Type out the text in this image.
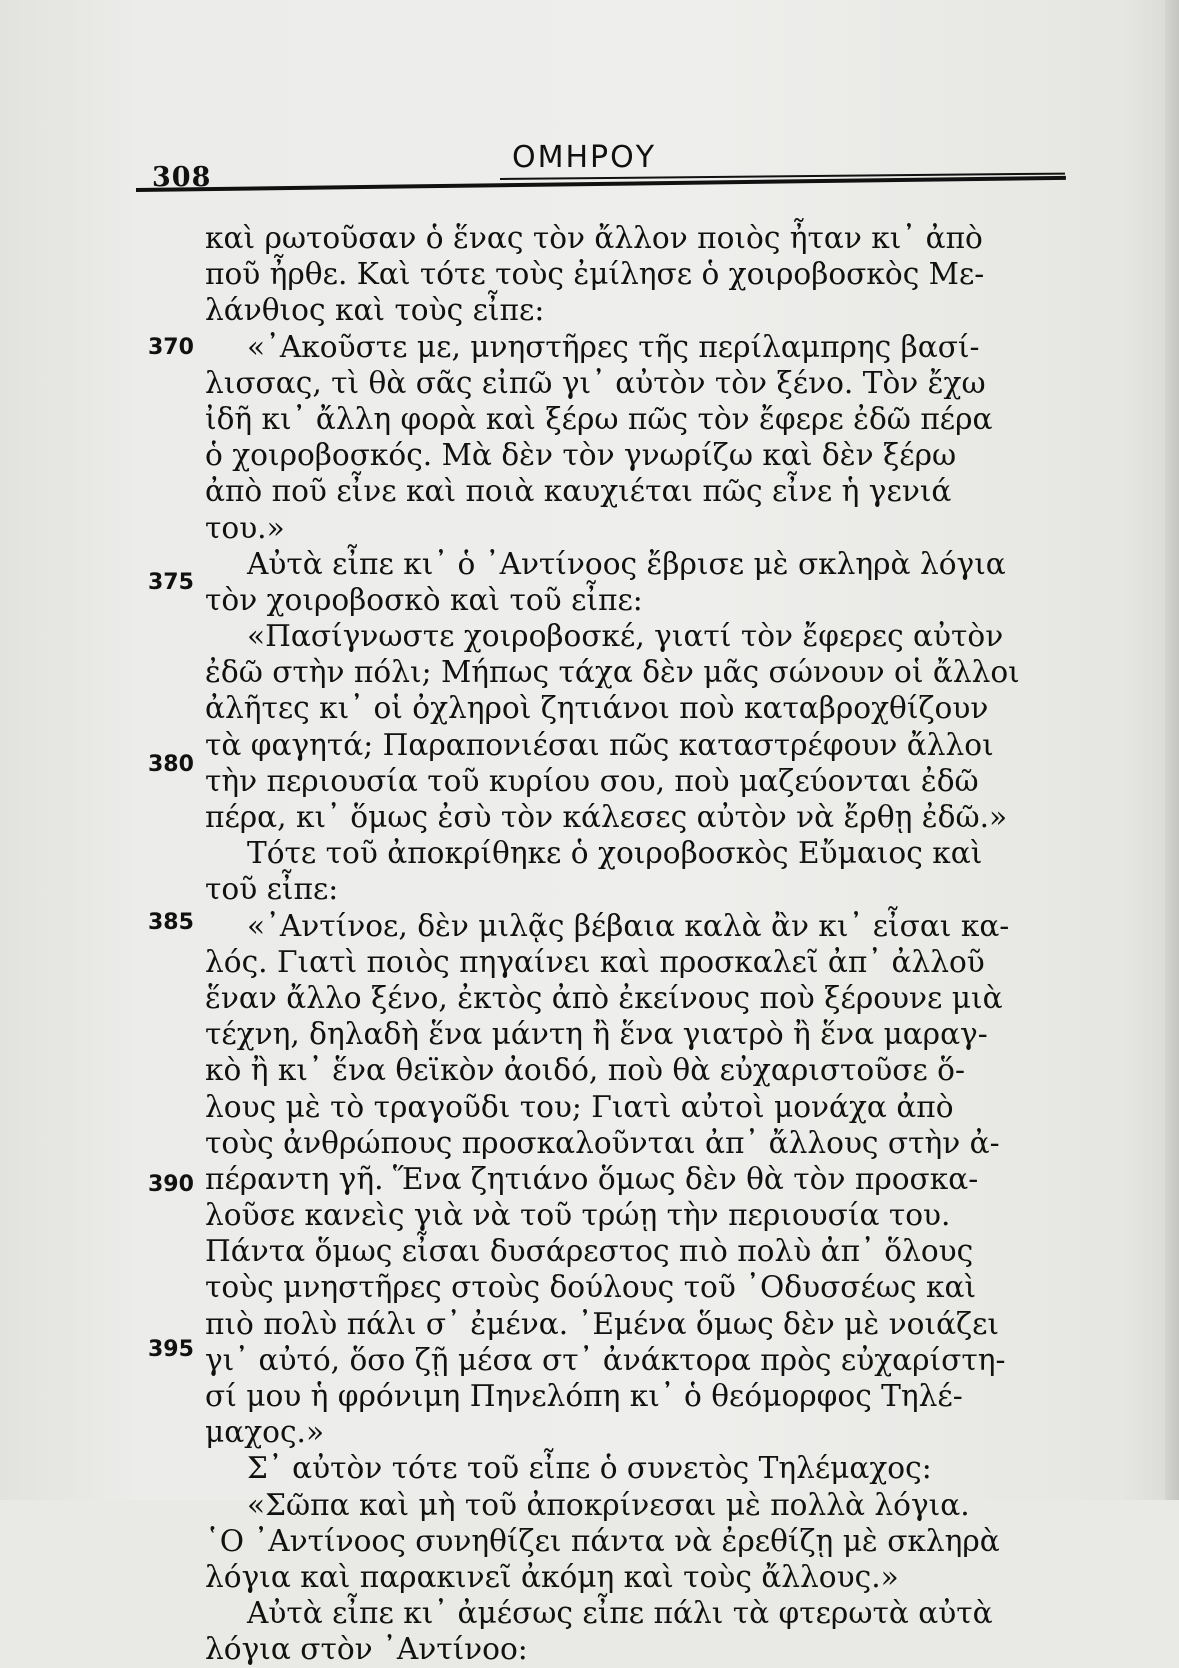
308
ΟΜΗΡΟΥ
370
375
380
385
390
395
καὶ ρωτοῦσαν ὁ ἕνας τὸν ἄλλον ποιὸς ἦταν κι᾿ ἀπὸ
ποῦ ἦρθε. Καὶ τότε τοὺς ἐμίλησε ὁ χοιροβοσκὸς Με-
λάνθιος καὶ τοὺς εἶπε:
«᾿Ακοῦστε με, μνηστῆρες τῆς περίλαμπρης βασί-
λισσας, τὶ θὰ σᾶς εἰπῶ γι᾿ αὐτὸν τὸν ξένο. Τὸν ἔχω
ἰδῆ κι᾿ ἄλλη φορὰ καὶ ξέρω πῶς τὸν ἔφερε ἐδῶ πέρα
ὁ χοιροβοσκός. Μὰ δὲν τὸν γνωρίζω καὶ δὲν ξέρω
ἀπὸ ποῦ εἶνε καὶ ποιὰ καυχιέται πῶς εἶνε ἡ γενιά
του.»
Αὐτὰ εἶπε κι᾿ ὁ ᾿Αντίνοος ἔβρισε μὲ σκληρὰ λόγια
τὸν χοιροβοσκὸ καὶ τοῦ εἶπε:
«Πασίγνωστε χοιροβοσκέ, γιατί τὸν ἔφερες αὐτὸν
ἐδῶ στὴν πόλι; Μήπως τάχα δὲν μᾶς σώνουν οἱ ἄλλοι
ἀλῆτες κι᾿ οἱ ὀχληροὶ ζητιάνοι ποὺ καταβροχθίζουν
τὰ φαγητά; Παραπονιέσαι πῶς καταστρέφουν ἄλλοι
τὴν περιουσία τοῦ κυρίου σου, ποὺ μαζεύονται ἐδῶ
πέρα, κι᾿ ὅμως ἐσὺ τὸν κάλεσες αὐτὸν νὰ ἔρθῃ ἐδῶ.»
Τότε τοῦ ἀποκρίθηκε ὁ χοιροβοσκὸς Εὔμαιος καὶ
τοῦ εἶπε:
«᾿Αντίνοε, δὲν μιλᾷς βέβαια καλὰ ἂν κι᾿ εἶσαι κα-
λός. Γιατὶ ποιὸς πηγαίνει καὶ προσκαλεῖ ἀπ᾿ ἀλλοῦ
ἕναν ἄλλο ξένο, ἐκτὸς ἀπὸ ἐκείνους ποὺ ξέρουνε μιὰ
τέχνη, δηλαδὴ ἕνα μάντη ἢ ἕνα γιατρὸ ἢ ἕνα μαραγ-
κὸ ἢ κι᾿ ἕνα θεϊκὸν ἀοιδό, ποὺ θὰ εὐχαριστοῦσε ὅ-
λους μὲ τὸ τραγοῦδι του; Γιατὶ αὐτοὶ μονάχα ἀπὸ
τοὺς ἀνθρώπους προσκαλοῦνται ἀπ᾿ ἄλλους στὴν ἀ-
πέραντη γῆ. Ἕνα ζητιάνο ὅμως δὲν θὰ τὸν προσκα-
λοῦσε κανεὶς γιὰ νὰ τοῦ τρώῃ τὴν περιουσία του.
Πάντα ὅμως εἶσαι δυσάρεστος πιὸ πολὺ ἀπ᾿ ὅλους
τοὺς μνηστῆρες στοὺς δούλους τοῦ ᾿Οδυσσέως καὶ
πιὸ πολὺ πάλι σ᾿ ἐμένα. ᾿Εμένα ὅμως δὲν μὲ νοιάζει
γι᾿ αὐτό, ὅσο ζῇ μέσα στ᾿ ἀνάκτορα πρὸς εὐχαρίστη-
σί μου ἡ φρόνιμη Πηνελόπη κι᾿ ὁ θεόμορφος Τηλέ-
μαχος.»
Σ᾿ αὐτὸν τότε τοῦ εἶπε ὁ συνετὸς Τηλέμαχος:
«Σῶπα καὶ μὴ τοῦ ἀποκρίνεσαι μὲ πολλὰ λόγια.
῾Ο ᾿Αντίνοος συνηθίζει πάντα νὰ ἐρεθίζῃ μὲ σκληρὰ
λόγια καὶ παρακινεῖ ἀκόμη καὶ τοὺς ἄλλους.»
Αὐτὰ εἶπε κι᾿ ἀμέσως εἶπε πάλι τὰ φτερωτὰ αὐτὰ
λόγια στὸν ᾿Αντίνοο:
